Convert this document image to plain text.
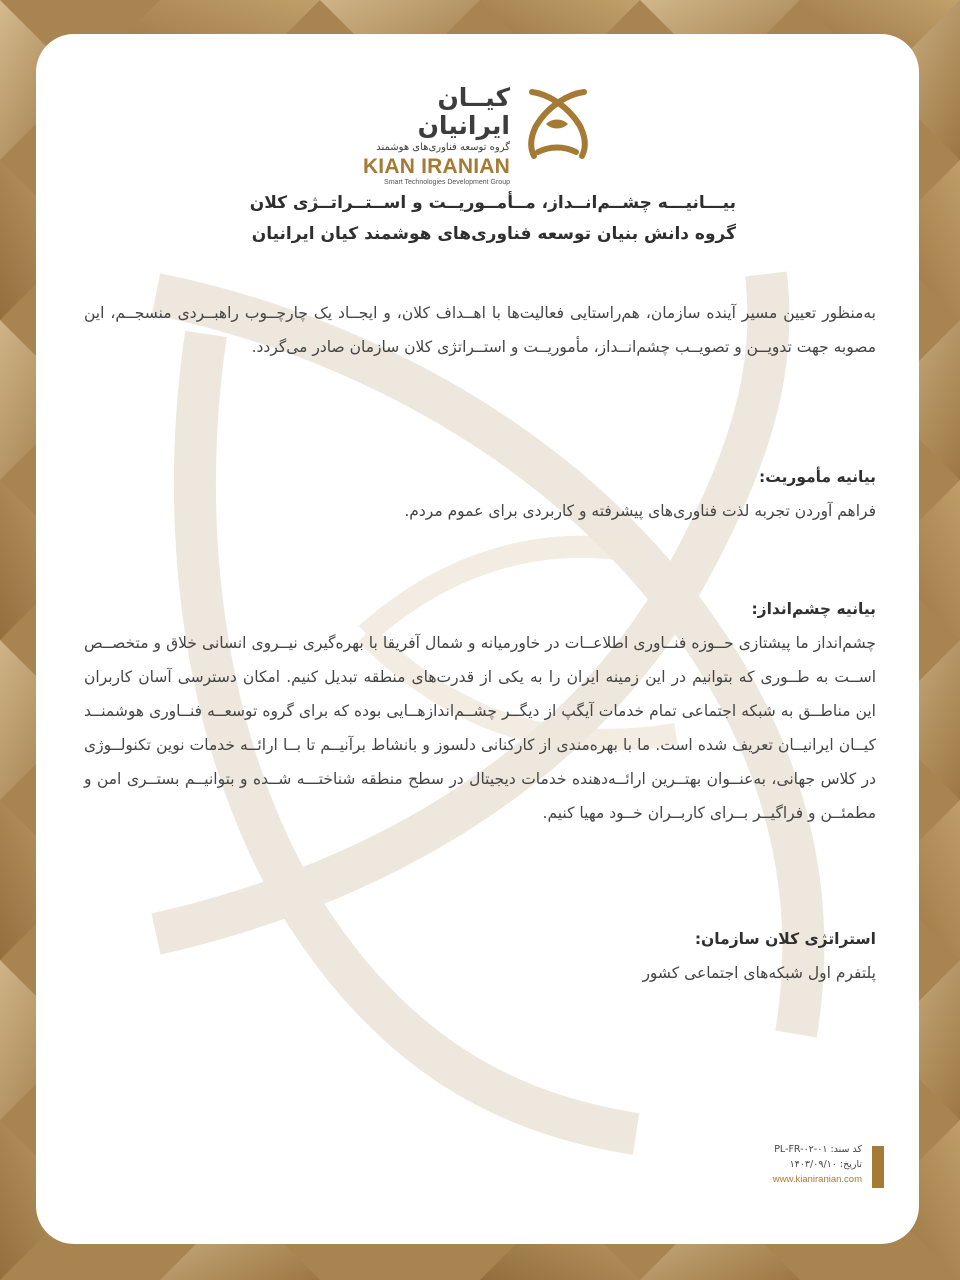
کیــان ایرانیان
گروه توسعه فناوری‌های هوشمند
KIAN IRANIAN
Smart Technologies Development Group
بیـــانیـــه چشــم‌انــداز، مــأمــوریــت و اســتــراتــژی کلان
گروه دانش بنیان توسعه فناوری‌های هوشمند کیان ایرانیان

به‌منظور تعیین مسیر آینده سازمان، هم‌راستایی فعالیت‌ها با اهــداف کلان، و ایجــاد یک چارچــوب راهبــردی منسجــم، این مصوبه جهت تدویــن و تصویــب چشم‌انــداز، مأموریــت و استــراتژی کلان سازمان صادر می‌گردد.

بیانیه مأموریت:

فراهم آوردن تجربه لذت فناوری‌های پیشرفته و کاربردی برای عموم مردم.

بیانیه چشم‌انداز:

چشم‌انداز ما پیشتازی حــوزه فنــاوری اطلاعــات در خاورمیانه و شمال آفریقا با بهره‌گیری نیــروی انسانی خلاق و متخصــص اســت به طــوری که بتوانیم در این زمینه ایران را به یکی از قدرت‌های منطقه تبدیل کنیم. امکان دسترسی آسان کاربران این مناطــق به شبکه اجتماعی تمام خدمات آیگپ از دیگــر چشــم‌اندازهــایی بوده که برای گروه توسعــه فنــاوری هوشمنــد کیــان ایرانیــان تعریف شده است. ما با بهره‌مندی از کارکنانی دلسوز و بانشاط برآنیــم تا بــا ارائــه خدمات نوین تکنولــوژی در کلاس جهانی، به‌عنــوان بهتــرین ارائــه‌دهنده خدمات دیجیتال در سطح منطقه شناختـــه شــده و بتوانیــم بستــری امن و مطمئــن و فراگیــر بــرای کاربــران خــود مهیا کنیم.

استراتژی کلان سازمان:

پلتفرم اول شبکه‌های اجتماعی کشور

کد سند: PL-FR-۰۲-۰۱
تاریخ: ۱۴۰۳/۰۹/۱۰
www.kianiranian.com
